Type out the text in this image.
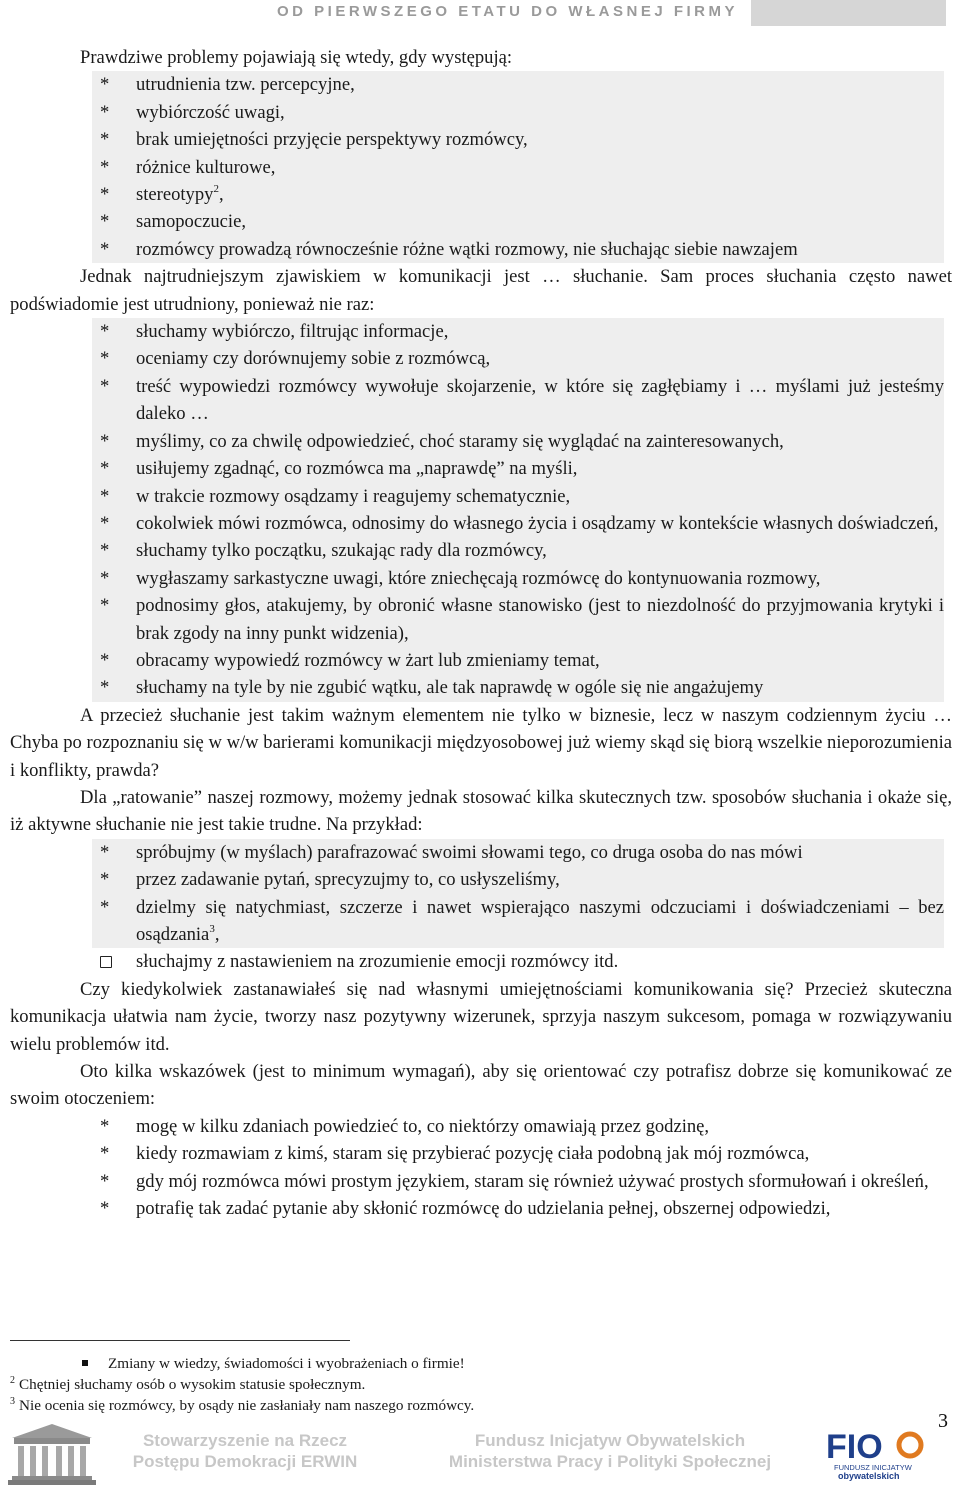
OD PIERWSZEGO ETATU DO WŁASNEJ FIRMY

Prawdziwe problemy pojawiają się wtedy, gdy występują:

*	utrudnienia tzw. percepcyjne,
*	wybiórczość uwagi,
*	brak umiejętności przyjęcie perspektywy rozmówcy,
*	różnice kulturowe,
*	stereotypy$^2$,
*	samopoczucie,
*	rozmówcy prowadzą równocześnie różne wątki rozmowy, nie słuchając siebie nawzajem

Jednak najtrudniejszym zjawiskiem w komunikacji jest … słuchanie. Sam proces słuchania często nawet podświadomie jest utrudniony, ponieważ nie raz:

*	słuchamy wybiórczo, filtrując informacje,
*	oceniamy czy dorównujemy sobie z rozmówcą,
*	treść wypowiedzi rozmówcy wywołuje skojarzenie, w które się zagłębiamy i … myślami już jesteśmy daleko …
*	myślimy, co za chwilę odpowiedzieć, choć staramy się wyglądać na zainteresowanych,
*	usiłujemy zgadnąć, co rozmówca ma „naprawdę” na myśli,
*	w trakcie rozmowy osądzamy i reagujemy schematycznie,
*	cokolwiek mówi rozmówca, odnosimy do własnego życia i osądzamy w kontekście własnych doświadczeń,
*	słuchamy tylko początku, szukając rady dla rozmówcy,
*	wygłaszamy sarkastyczne uwagi, które zniechęcają rozmówcę do kontynuowania rozmowy,
*	podnosimy głos, atakujemy, by obronić własne stanowisko (jest to niezdolność do przyjmowania krytyki i brak zgody na inny punkt widzenia),
*	obracamy wypowiedź rozmówcy w żart lub zmieniamy temat,
*	słuchamy na tyle by nie zgubić wątku, ale tak naprawdę w ogóle się nie angażujemy

A przecież słuchanie jest takim ważnym elementem nie tylko w biznesie, lecz w naszym codziennym życiu … Chyba po rozpoznaniu się w w/w barierami komunikacji międzyosobowej już wiemy skąd się biorą wszelkie nieporozumienia i konflikty, prawda?

Dla „ratowanie” naszej rozmowy, możemy jednak stosować kilka skutecznych tzw. sposobów słuchania i okaże się, iż aktywne słuchanie nie jest takie trudne. Na przykład:

*	spróbujmy (w myślach) parafrazować swoimi słowami tego, co druga osoba do nas mówi
*	przez zadawanie pytań, sprecyzujmy to, co usłyszeliśmy,
*	dzielmy się natychmiast, szczerze i nawet wspierająco naszymi odczuciami i doświadczeniami – bez osądzania$^3$,
słuchajmy z nastawieniem na zrozumienie emocji rozmówcy itd.

Czy kiedykolwiek zastanawiałeś się nad własnymi umiejętnościami komunikowania się? Przecież skuteczna komunikacja ułatwia nam życie, tworzy nasz pozytywny wizerunek, sprzyja naszym sukcesom, pomaga w rozwiązywaniu wielu problemów itd.

Oto kilka wskazówek (jest to minimum wymagań), aby się orientować czy potrafisz dobrze się komunikować ze swoim otoczeniem:

*	mogę w kilku zdaniach powiedzieć to, co niektórzy omawiają przez godzinę,
*	kiedy rozmawiam z kimś, staram się przybierać pozycję ciała podobną jak mój rozmówca,
*	gdy mój rozmówca mówi prostym językiem, staram się również używać prostych sformułowań i określeń,
*	potrafię tak zadać pytanie aby skłonić rozmówcę do udzielania pełnej, obszernej odpowiedzi,
Zmiany w wiedzy, świadomości i wyobrażeniach o firmie!
$^2$ Chętniej słuchamy osób o wysokim statusie społecznym.
$^3$ Nie ocenia się rozmówcy, by osądy nie zasłaniały nam naszego rozmówcy.
Stowarzyszenie na Rzecz
Postępu Demokracji ERWIN
Fundusz Inicjatyw Obywatelskich
Ministerstwa Pracy i Polityki Społecznej	FIO
FUNDUSZ INICJATYW
obywatelskich
3
